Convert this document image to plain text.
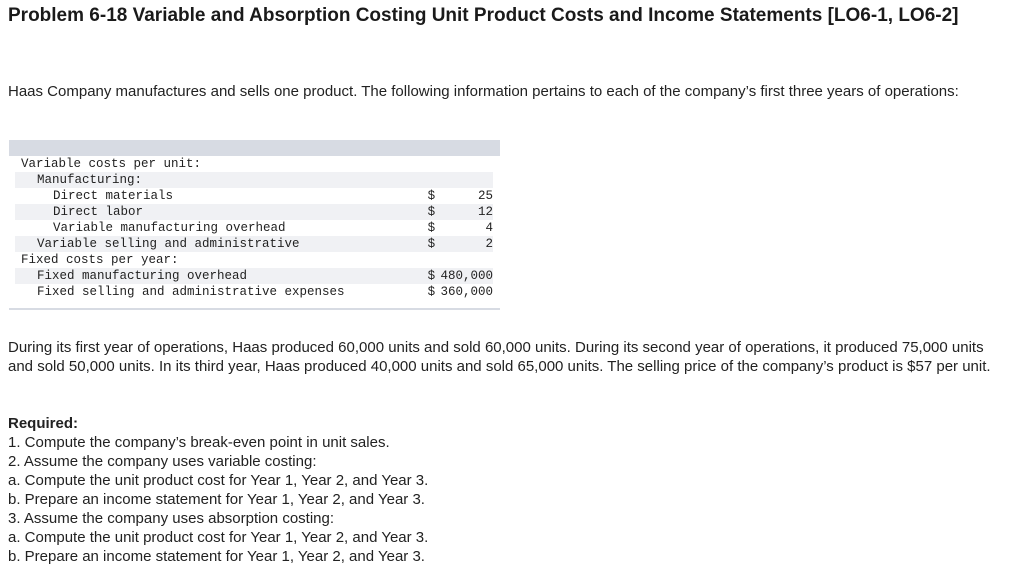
Problem 6-18 Variable and Absorption Costing Unit Product Costs and Income Statements [LO6-1, LO6-2]

Haas Company manufactures and sells one product. The following information pertains to each of the company’s first three years of operations:

Variable costs per unit:		
Manufacturing:		
Direct materials	$	25
Direct labor	$	12
Variable manufacturing overhead	$	4
Variable selling and administrative	$	2
Fixed costs per year:		
Fixed manufacturing overhead	$	480,000
Fixed selling and administrative expenses	$	360,000

During its first year of operations, Haas produced 60,000 units and sold 60,000 units. During its second year of operations, it produced 75,000 units and sold 50,000 units. In its third year, Haas produced 40,000 units and sold 65,000 units. The selling price of the company’s product is $57 per unit.

Required:
1. Compute the company’s break-even point in unit sales.
2. Assume the company uses variable costing:
a. Compute the unit product cost for Year 1, Year 2, and Year 3.
b. Prepare an income statement for Year 1, Year 2, and Year 3.
3. Assume the company uses absorption costing:
a. Compute the unit product cost for Year 1, Year 2, and Year 3.
b. Prepare an income statement for Year 1, Year 2, and Year 3.
